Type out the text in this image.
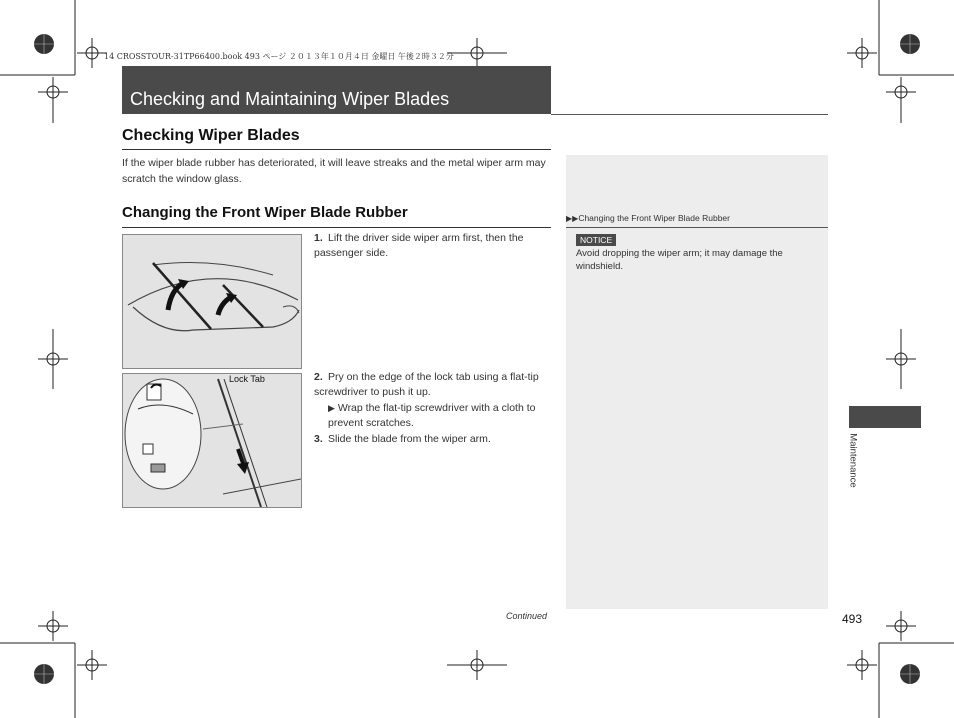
14 CROSSTOUR-31TP66400.book 493 ページ ２０１３年１０月４日 金曜日 午後２時３２分
Checking and Maintaining Wiper Blades
Checking Wiper Blades
If the wiper blade rubber has deteriorated, it will leave streaks and the metal wiper arm may scratch the window glass.
Changing the Front Wiper Blade Rubber	▶▶Changing the Front Wiper Blade Rubber
NOTICE
Avoid dropping the wiper arm; it may damage the windshield.
Lock Tab
1. Lift the driver side wiper arm first, then the passenger side.
2. Pry on the edge of the lock tab using a flat-tip screwdriver to push it up.
▶ Wrap the flat-tip screwdriver with a cloth to prevent scratches.
3. Slide the blade from the wiper arm.
Continued	493
Maintenance
